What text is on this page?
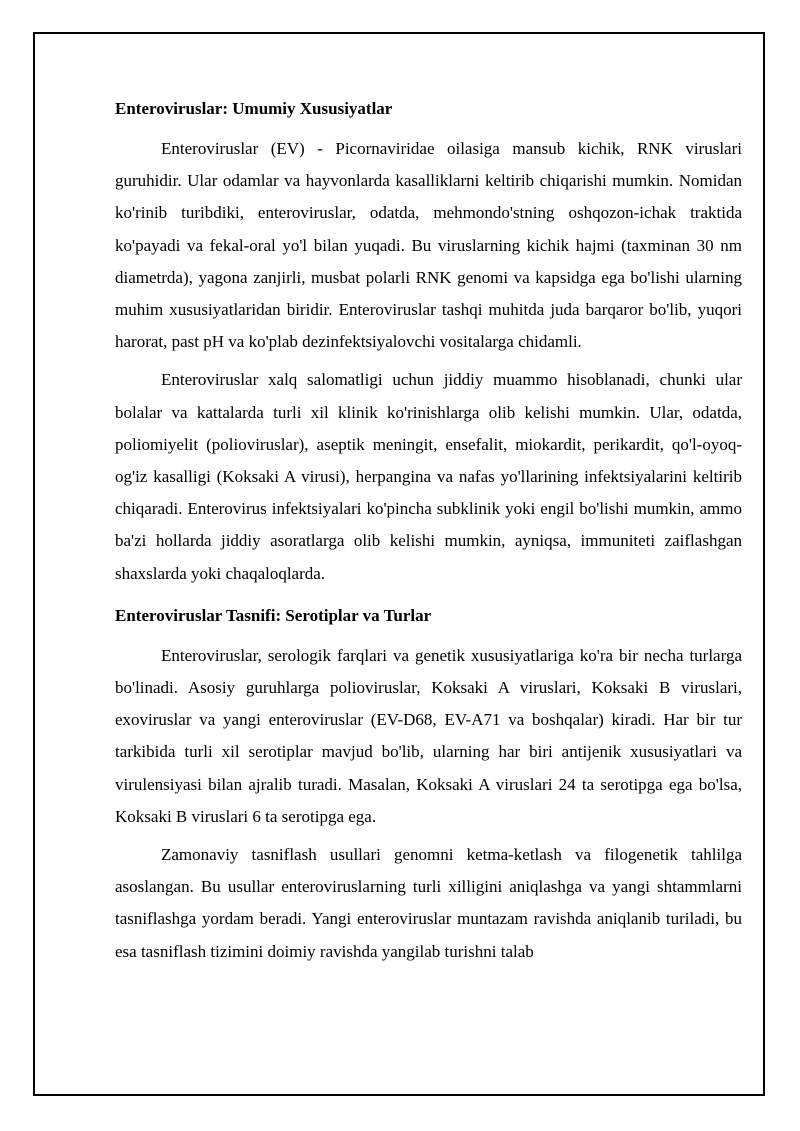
Enteroviruslar: Umumiy Xususiyatlar

Enteroviruslar (EV) - Picornaviridae oilasiga mansub kichik, RNK viruslari guruhidir. Ular odamlar va hayvonlarda kasalliklarni keltirib chiqarishi mumkin. Nomidan ko'rinib turibdiki, enteroviruslar, odatda, mehmondo'stning oshqozon-ichak traktida ko'payadi va fekal-oral yo'l bilan yuqadi. Bu viruslarning kichik hajmi (taxminan 30 nm diametrda), yagona zanjirli, musbat polarli RNK genomi va kapsidga ega bo'lishi ularning muhim xususiyatlaridan biridir. Enteroviruslar tashqi muhitda juda barqaror bo'lib, yuqori harorat, past pH va ko'plab dezinfektsiyalovchi vositalarga chidamli.

Enteroviruslar xalq salomatligi uchun jiddiy muammo hisoblanadi, chunki ular bolalar va kattalarda turli xil klinik ko'rinishlarga olib kelishi mumkin. Ular, odatda, poliomiyelit (polioviruslar), aseptik meningit, ensefalit, miokardit, perikardit, qo'l-oyoq-og'iz kasalligi (Koksaki A virusi), herpangina va nafas yo'llarining infektsiyalarini keltirib chiqaradi. Enterovirus infektsiyalari ko'pincha subklinik yoki engil bo'lishi mumkin, ammo ba'zi hollarda jiddiy asoratlarga olib kelishi mumkin, ayniqsa, immuniteti zaiflashgan shaxslarda yoki chaqaloqlarda.

Enteroviruslar Tasnifi: Serotiplar va Turlar

Enteroviruslar, serologik farqlari va genetik xususiyatlariga ko'ra bir necha turlarga bo'linadi. Asosiy guruhlarga polioviruslar, Koksaki A viruslari, Koksaki B viruslari, exoviruslar va yangi enteroviruslar (EV-D68, EV-A71 va boshqalar) kiradi. Har bir tur tarkibida turli xil serotiplar mavjud bo'lib, ularning har biri antijenik xususiyatlari va virulensiyasi bilan ajralib turadi. Masalan, Koksaki A viruslari 24 ta serotipga ega bo'lsa, Koksaki B viruslari 6 ta serotipga ega.

Zamonaviy tasniflash usullari genomni ketma-ketlash va filogenetik tahlilga asoslangan. Bu usullar enteroviruslarning turli xilligini aniqlashga va yangi shtammlarni tasniflashga yordam beradi. Yangi enteroviruslar muntazam ravishda aniqlanib turiladi, bu esa tasniflash tizimini doimiy ravishda yangilab turishni talab
